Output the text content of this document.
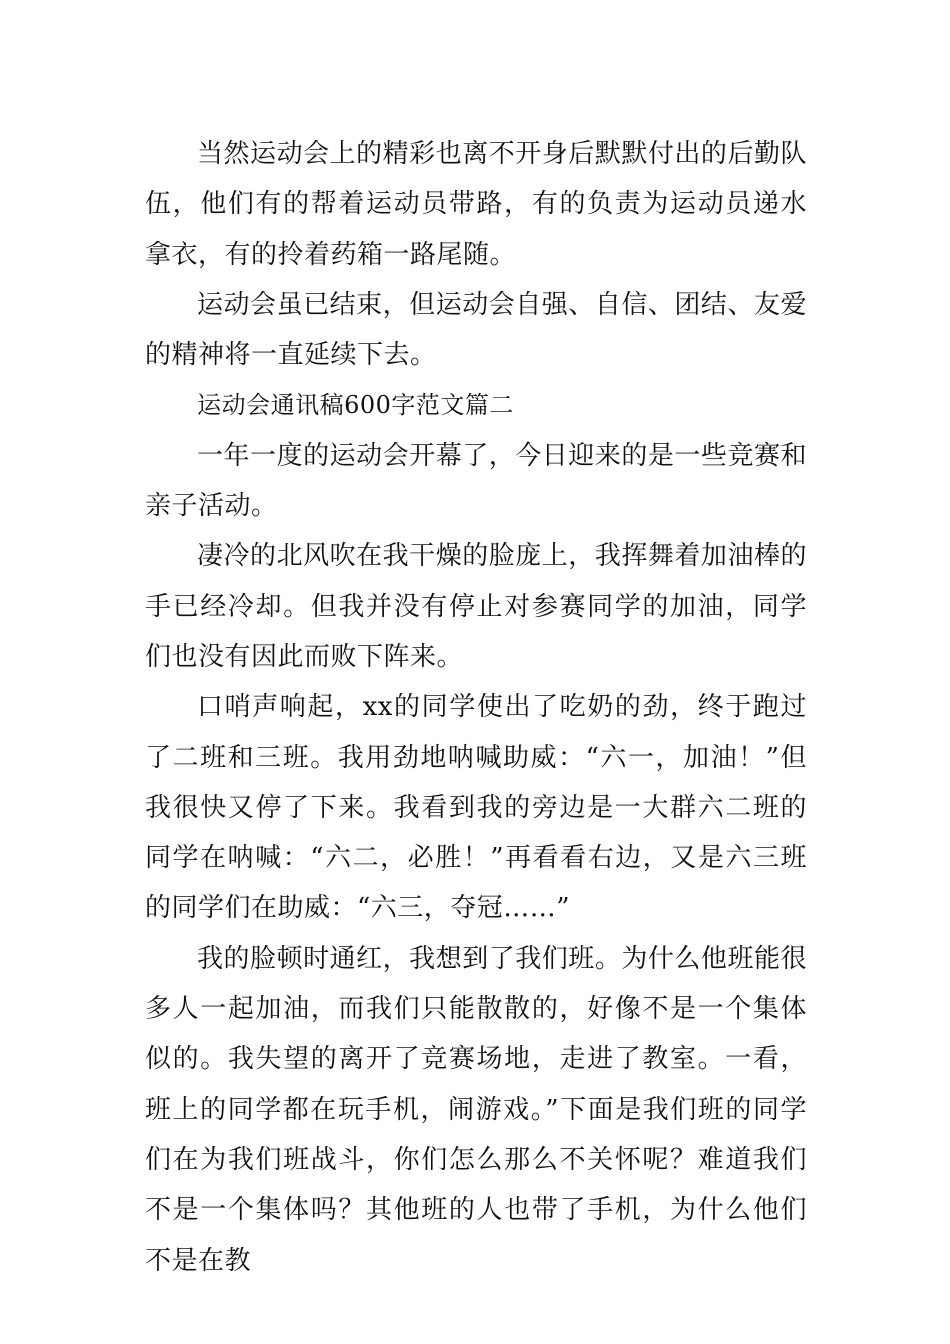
当然运动会上的精彩也离不开身后默默付出的后勤队伍，他们有的帮着运动员带路，有的负责为运动员递水拿衣，有的拎着药箱一路尾随。

运动会虽已结束，但运动会自强、自信、团结、友爱的精神将一直延续下去。

运动会通讯稿600字范文篇二

一年一度的运动会开幕了，今日迎来的是一些竞赛和亲子活动。

凄冷的北风吹在我干燥的脸庞上，我挥舞着加油棒的手已经冷却。但我并没有停止对参赛同学的加油，同学们也没有因此而败下阵来。

口哨声响起，xx的同学使出了吃奶的劲，终于跑过了二班和三班。我用劲地呐喊助威：“六一，加油！”但我很快又停了下来。我看到我的旁边是一大群六二班的同学在呐喊：“六二，必胜！”再看看右边，又是六三班的同学们在助威：“六三，夺冠……”

我的脸顿时通红，我想到了我们班。为什么他班能很多人一起加油，而我们只能散散的，好像不是一个集体似的。我失望的离开了竞赛场地，走进了教室。一看，班上的同学都在玩手机，闹游戏。”下面是我们班的同学们在为我们班战斗，你们怎么那么不关怀呢？难道我们不是一个集体吗？其他班的人也带了手机，为什么他们不是在教
